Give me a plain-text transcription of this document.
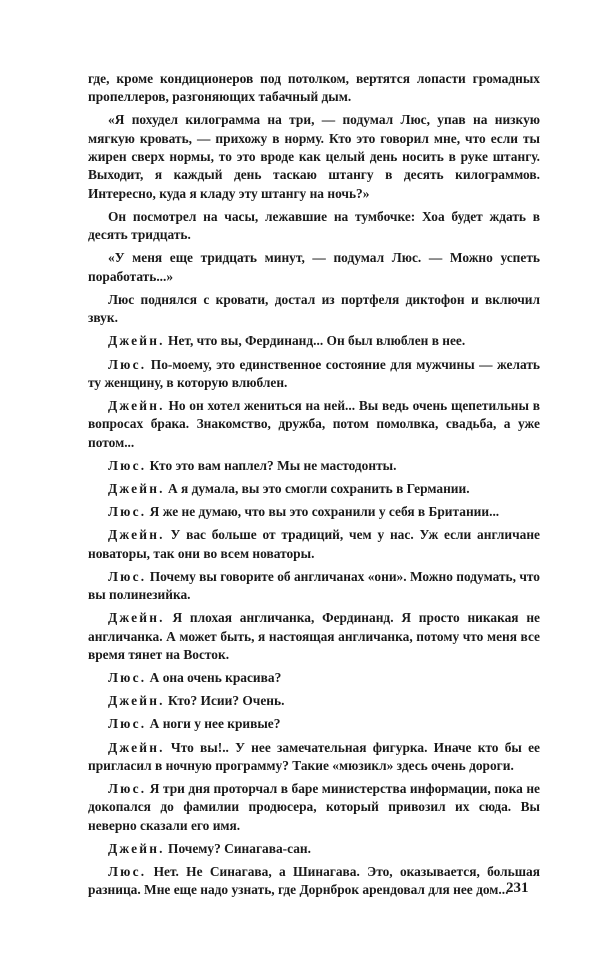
где, кроме кондиционеров под потолком, вертятся лопасти громадных пропеллеров, разгоняющих табачный дым.

«Я похудел килограмма на три, — подумал Люс, упав на низкую мягкую кровать, — прихожу в норму. Кто это говорил мне, что если ты жирен сверх нормы, то это вроде как целый день носить в руке штангу. Выходит, я каждый день таскаю штангу в десять килограммов. Интересно, куда я кладу эту штангу на ночь?»

Он посмотрел на часы, лежавшие на тумбочке: Хоа будет ждать в десять тридцать.

«У меня еще тридцать минут, — подумал Люс. — Можно успеть поработать...»

Люс поднялся с кровати, достал из портфеля диктофон и включил звук.

Джейн. Нет, что вы, Фердинанд... Он был влюблен в нее.

Люс. По-моему, это единственное состояние для мужчины — желать ту женщину, в которую влюблен.

Джейн. Но он хотел жениться на ней... Вы ведь очень щепетильны в вопросах брака. Знакомство, дружба, потом помолвка, свадьба, а уже потом...

Люс. Кто это вам наплел? Мы не мастодонты.

Джейн. А я думала, вы это смогли сохранить в Германии.

Люс. Я же не думаю, что вы это сохранили у себя в Британии...

Джейн. У вас больше от традиций, чем у нас. Уж если англичане новаторы, так они во всем новаторы.

Люс. Почему вы говорите об англичанах «они». Можно подумать, что вы полинезийка.

Джейн. Я плохая англичанка, Фердинанд. Я просто никакая не англичанка. А может быть, я настоящая англичанка, потому что меня все время тянет на Восток.

Люс. А она очень красива?

Джейн. Кто? Исии? Очень.

Люс. А ноги у нее кривые?

Джейн. Что вы!.. У нее замечательная фигурка. Иначе кто бы ее пригласил в ночную программу? Такие «мюзикл» здесь очень дороги.

Люс. Я три дня проторчал в баре министерства информации, пока не докопался до фамилии продюсера, который привозил их сюда. Вы неверно сказали его имя.

Джейн. Почему? Синагава-сан.

Люс. Нет. Не Синагава, а Шинагава. Это, оказывается, большая разница. Мне еще надо узнать, где Дорнброк арендовал для нее дом...

231
